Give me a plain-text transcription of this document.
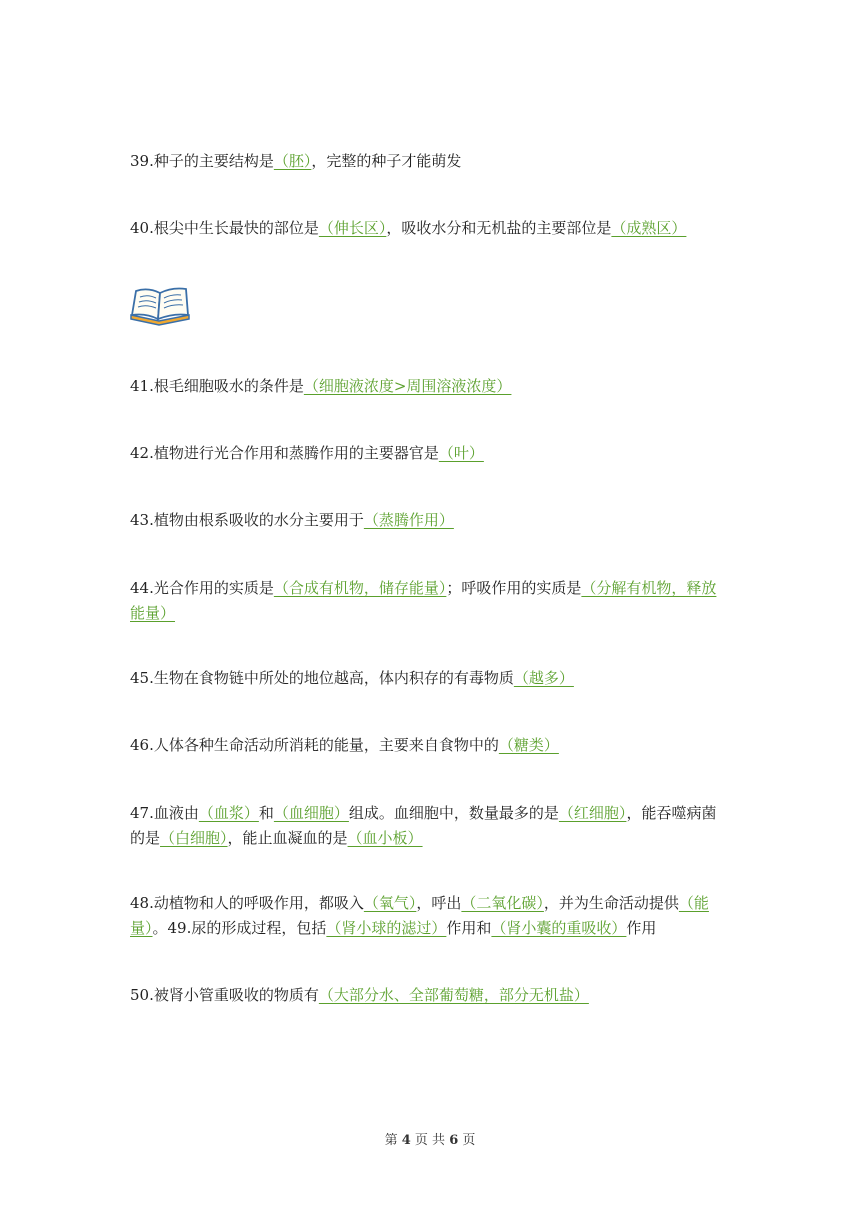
39.种子的主要结构是（胚），完整的种子才能萌发
40.根尖中生长最快的部位是（伸长区），吸收水分和无机盐的主要部位是（成熟区）
41.根毛细胞吸水的条件是（细胞液浓度>周围溶液浓度）
42.植物进行光合作用和蒸腾作用的主要器官是（叶）
43.植物由根系吸收的水分主要用于（蒸腾作用）
44.光合作用的实质是（合成有机物，储存能量）；呼吸作用的实质是（分解有机物，释放能量）
45.生物在食物链中所处的地位越高，体内积存的有毒物质（越多）
46.人体各种生命活动所消耗的能量，主要来自食物中的（糖类）
47.血液由（血浆）和（血细胞）组成。血细胞中，数量最多的是（红细胞），能吞噬病菌的是（白细胞），能止血凝血的是（血小板）
48.动植物和人的呼吸作用，都吸入（氧气），呼出（二氧化碳），并为生命活动提供（能量）。49.尿的形成过程，包括（肾小球的滤过）作用和（肾小囊的重吸收）作用
50.被肾小管重吸收的物质有（大部分水、全部葡萄糖，部分无机盐）
第 4 页 共 6 页
